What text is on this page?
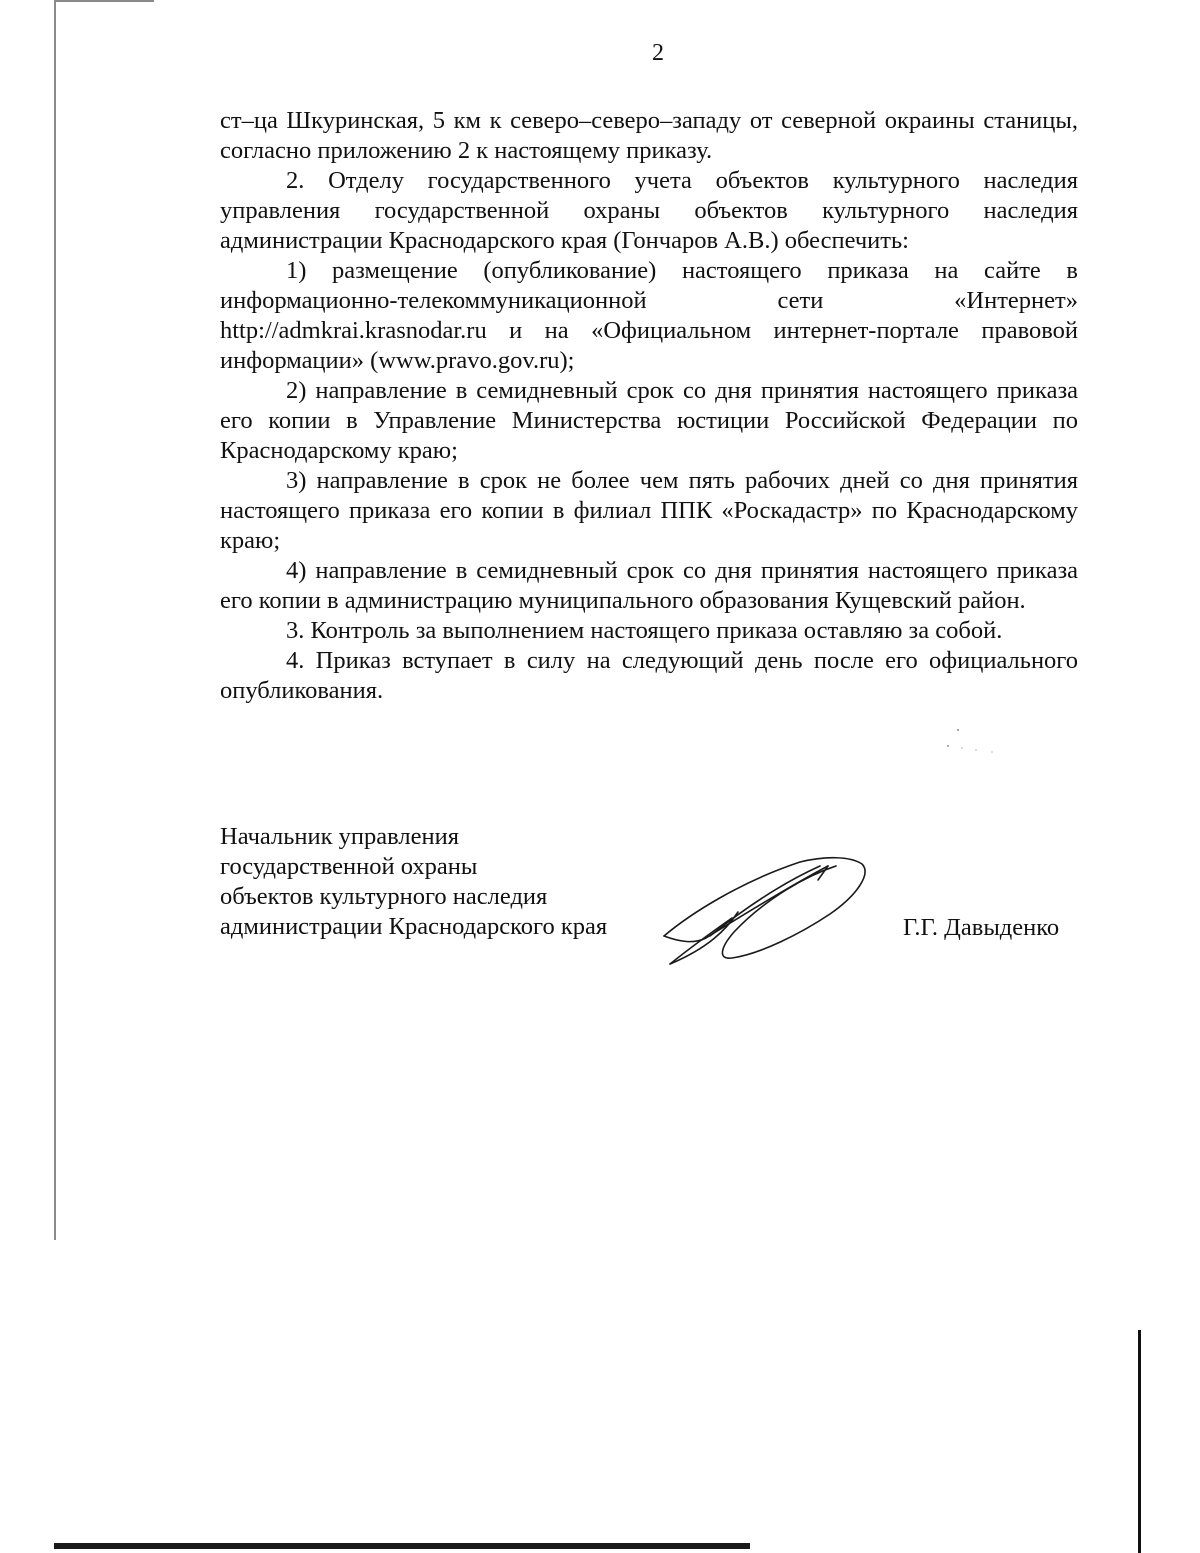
2

ст–ца Шкуринская, 5 км к северо–северо–западу от северной окраины станицы, согласно приложению 2 к настоящему приказу.

2. Отделу государственного учета объектов культурного наследия управления государственной охраны объектов культурного наследия администрации Краснодарского края (Гончаров А.В.) обеспечить:

1) размещение (опубликование) настоящего приказа на сайте в информационно-телекоммуникационной сети «Интернет» http://admkrai.krasnodar.ru и на «Официальном интернет-портале правовой информации» (www.pravo.gov.ru);

2) направление в семидневный срок со дня принятия настоящего приказа его копии в Управление Министерства юстиции Российской Федерации по Краснодарскому краю;

3) направление в срок не более чем пять рабочих дней со дня принятия настоящего приказа его копии в филиал ППК «Роскадастр» по Краснодарскому краю;

4) направление в семидневный срок со дня принятия настоящего приказа его копии в администрацию муниципального образования Кущевский район.

3. Контроль за выполнением настоящего приказа оставляю за собой.

4. Приказ вступает в силу на следующий день после его официального опубликования.

Начальник управления
государственной охраны
объектов культурного наследия
администрации Краснодарского края	Г.Г. Давыденко
